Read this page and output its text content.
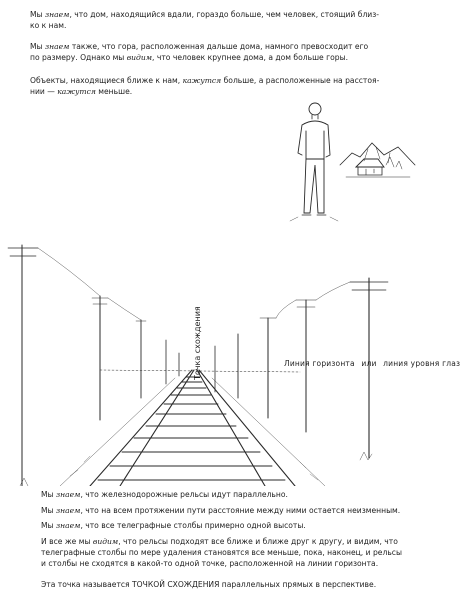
Мы знаем, что дом, находящийся вдали, гораздо больше, чем человек, стоящий близ-
ко к нам.
Мы знаем также, что гора, расположенная дальше дома, намного превосходит его
по размеру. Однако мы видим, что человек крупнее дома, а дом больше горы.
Объекты, находящиеся ближе к нам, кажутся больше, а расположенные на расстоя-
нии — кажутся меньше.
Точка схождения	Линия горизонта или линия уровня глаз
Мы знаем, что железнодорожные рельсы идут параллельно.
Мы знаем, что на всем протяжении пути расстояние между ними остается неизменным.
Мы знаем, что все телеграфные столбы примерно одной высоты.
И все же мы видим, что рельсы подходят все ближе и ближе друг к другу, и видим, что
телеграфные столбы по мере удаления становятся все меньше, пока, наконец, и рельсы
и столбы не сходятся в какой-то одной точке, расположенной на линии горизонта.
Эта точка называется ТОЧКОЙ СХОЖДЕНИЯ параллельных прямых в перспективе.
